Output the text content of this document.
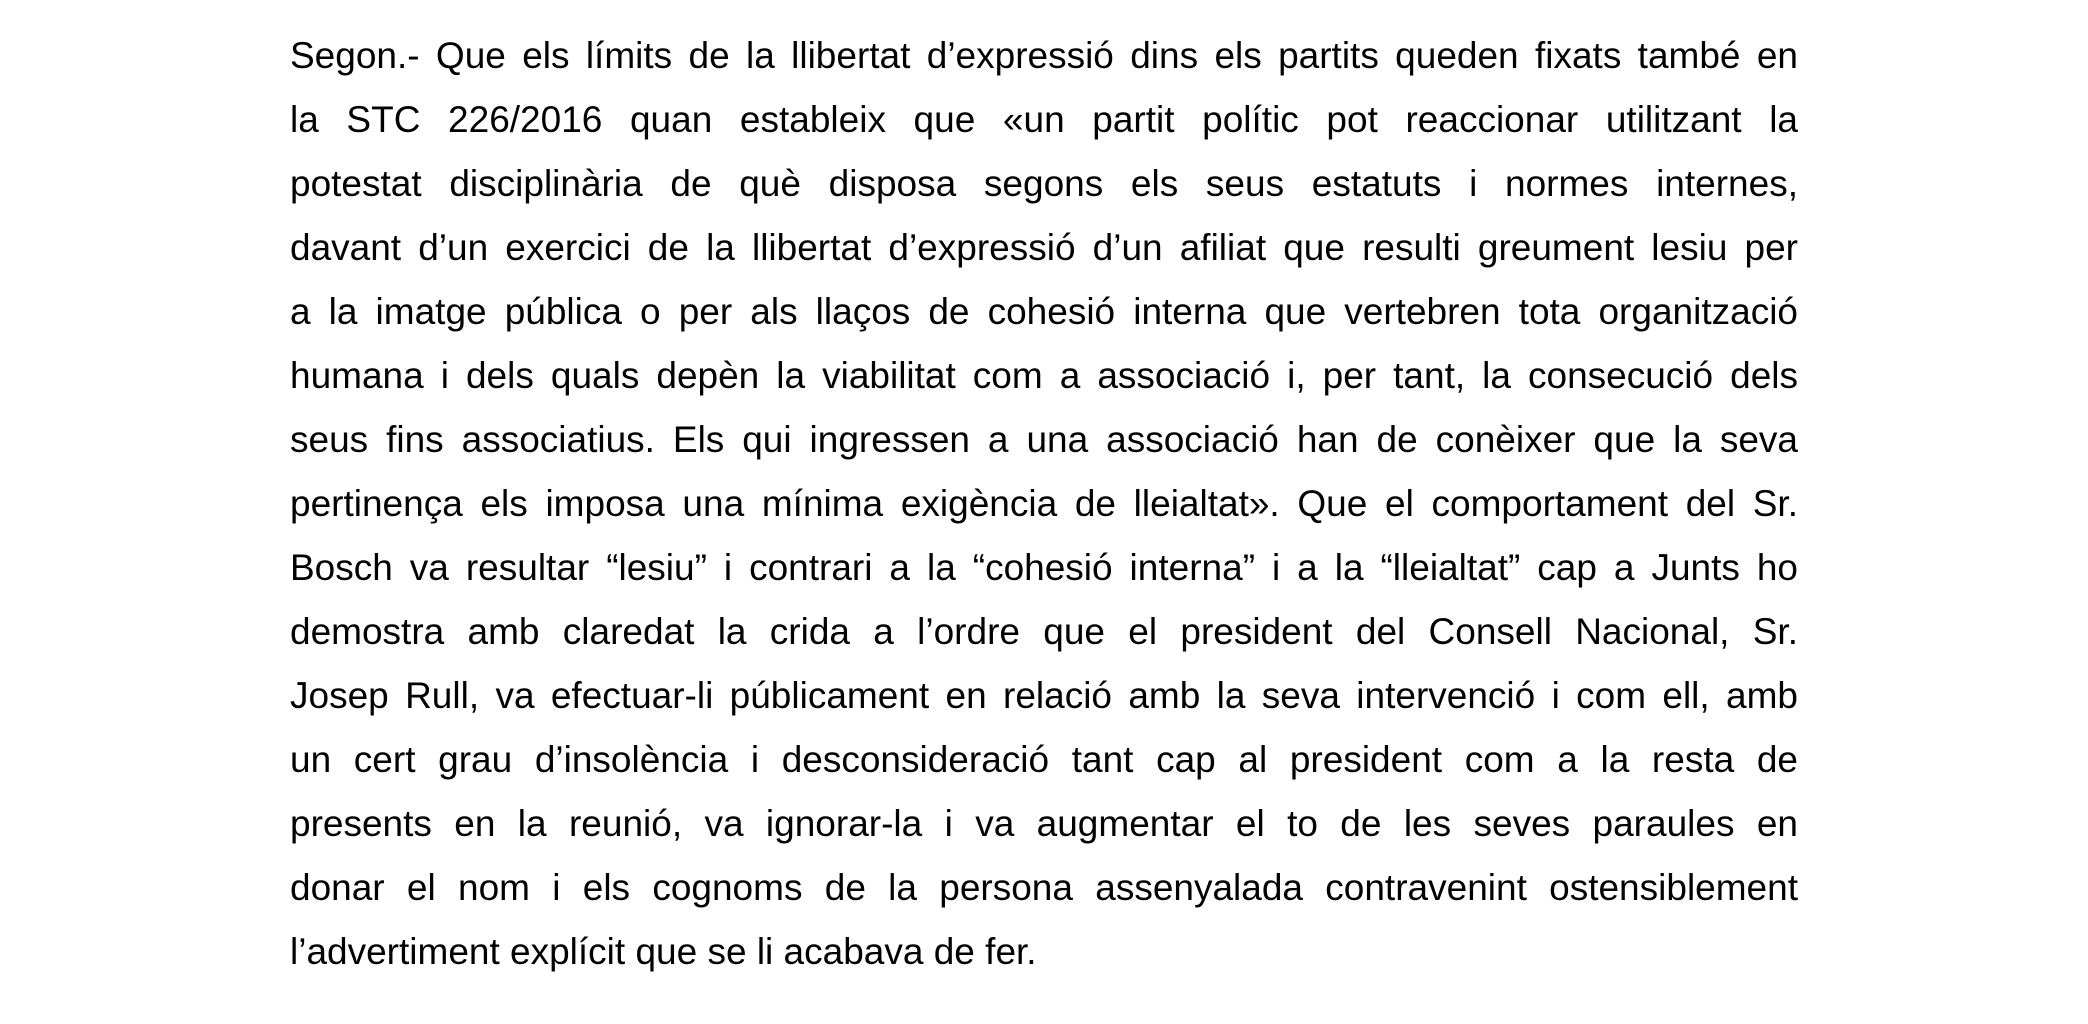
Segon.- Que els límits de la llibertat d’expressió dins els partits queden fixats també en
la STC 226/2016 quan estableix que «un partit polític pot reaccionar utilitzant la
potestat disciplinària de què disposa segons els seus estatuts i normes internes,
davant d’un exercici de la llibertat d’expressió d’un afiliat que resulti greument lesiu per
a la imatge pública o per als llaços de cohesió interna que vertebren tota organització
humana i dels quals depèn la viabilitat com a associació i, per tant, la consecució dels
seus fins associatius. Els qui ingressen a una associació han de conèixer que la seva
pertinença els imposa una mínima exigència de lleialtat». Que el comportament del Sr.
Bosch va resultar “lesiu” i contrari a la “cohesió interna” i a la “lleialtat” cap a Junts ho
demostra amb claredat la crida a l’ordre que el president del Consell Nacional, Sr.
Josep Rull, va efectuar-li públicament en relació amb la seva intervenció i com ell, amb
un cert grau d’insolència i desconsideració tant cap al president com a la resta de
presents en la reunió, va ignorar-la i va augmentar el to de les seves paraules en
donar el nom i els cognoms de la persona assenyalada contravenint ostensiblement
l’advertiment explícit que se li acabava de fer.
